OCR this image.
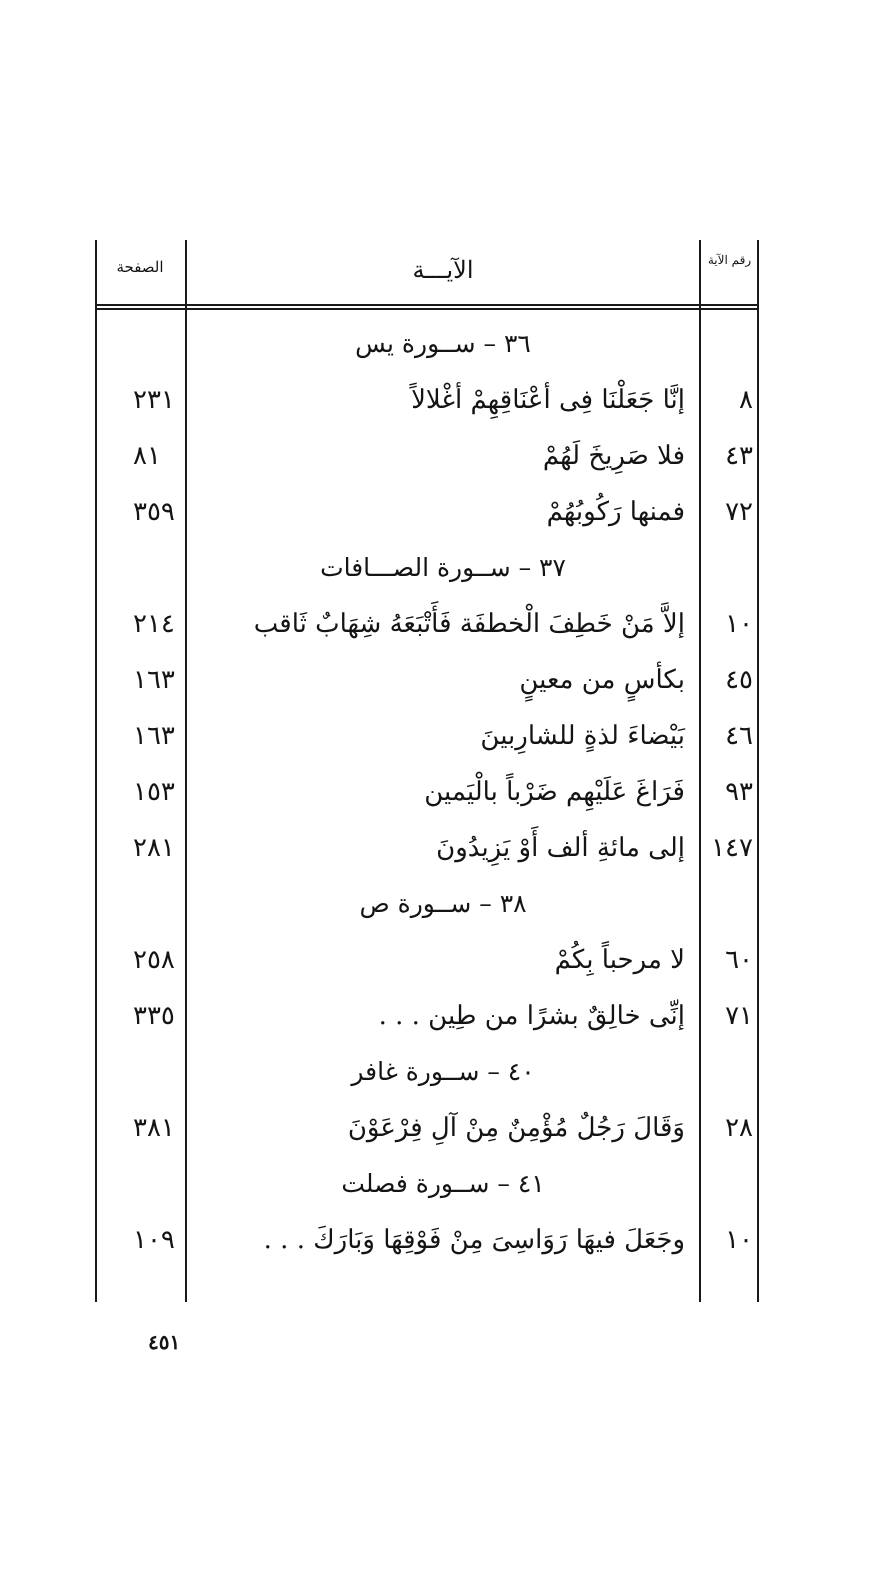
الصفحة	الآيـــة	رقم الآية
٣٦ – ســورة يس
٨
إنَّا جَعَلْنَا فِى أعْنَاقِهِمْ أغْلالاً
٢٣١
٤٣
فلا صَرِيخَ لَهُمْ
٨١
٧٢
فمنها رَكُوبُهُمْ
٣٥٩
٣٧ – ســورة الصـــافات
١٠
إلاَّ مَنْ خَطِفَ الْخطفَة فَأَتْبَعَهُ شِهَابٌ ثَاقب
٢١٤
٤٥
بكأسٍ من معينٍ
١٦٣
٤٦
بَيْضاءَ لذةٍ للشارِبينَ
١٦٣
٩٣
فَرَاغَ عَلَيْهِم ضَرْباً بالْيَمين
١٥٣
١٤٧
إلى مائةِ ألف أَوْ يَزِيدُونَ
٢٨١
٣٨ – ســورة ص
٦٠
لا مرحباً بِكُمْ
٢٥٨
٧١
إنِّى خالِقٌ بشرًا من طِين . . .
٣٣٥
٤٠ – ســورة غافر
٢٨
وَقَالَ رَجُلٌ مُؤْمِنٌ مِنْ آلِ فِرْعَوْنَ
٣٨١
٤١ – ســورة فصلت
١٠
وجَعَلَ فيهَا رَوَاسِىَ مِنْ فَوْقِهَا وَبَارَكَ . . .
١٠٩
٤٥١
